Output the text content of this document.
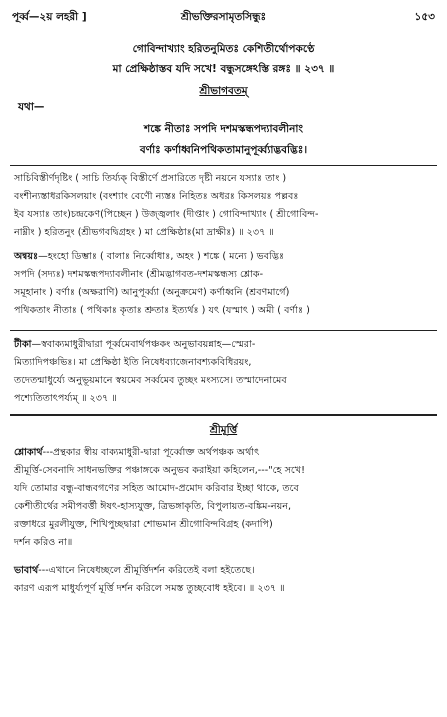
পূর্ব্ব—২য় লহরী ]	শ্রীভক্তিরসামৃতসিন্ধুঃ	১৫৩
গোবিন্দাখ্যাং হরিতনুমিতঃ কেশিতীর্থোপকণ্ঠে
মা প্রেক্ষিষ্ঠাস্তব যদি সখে! বন্ধুসঙ্গেঽস্তি রঙ্গঃ ॥ ২৩৭ ॥
শ্রীভাগবতম্
যথা—
শঙ্কে নীতাঃ সপদি দশমস্কন্ধপদ্যাবলীনাং
বর্ণাঃ কর্ণাধ্বনিপথিকতামানুপূর্ব্ব্যাদ্ভবদ্ভিঃ।
সাচিবিস্তীর্ণদৃষ্টিং ( সাচি তির্য্যক্ বিস্তীর্ণে প্রসারিতে দৃষ্টী নয়নে যস্যাঃ তাং )
বংশীন্যস্তাধরকিসলয়াং (বংশ্যাং বেণৌ ন্যস্তঃ নিহিতঃ অধরঃ কিসলয়ঃ পল্লবঃ
ইব যস্যাঃ তাং)চন্দ্রকেণ(পিচ্ছেন ) উজ্জ্বলাং (দীপ্তাং ) গোবিন্দাখ্যাং ( শ্রীগোবিন্দ-
নাম্নীং ) হরিতনুং (শ্রীভগবদ্বিগ্রহং ) মা প্রেক্ষিষ্ঠাঃ(মা দ্রাক্ষীঃ) ॥ ২৩৭ ॥
অন্বয়ঃ—হংহো ডিম্ভাঃ ( বালাঃ নির্ব্বোধাঃ, অহং ) শঙ্কে ( মন্যে ) ভবদ্ভিঃ
সপদি (সদ্যঃ) দশমস্কন্ধপদ্যাবলীনাং (শ্রীমদ্ভাগবত-দশমস্কন্ধস্য শ্লোক-
সমূহানাং ) বর্ণাঃ (অক্ষরাণি) আনুপূর্ব্ব্যা (অনুক্রমেণ) কর্ণাধ্বনি (শ্রবণমার্গে)
পথিকতাং নীতাঃ ( পথিকাঃ কৃতাঃ শ্রুতাঃ ইত্যর্থঃ ) যৎ (যস্মাৎ ) অমী ( বর্ণাঃ )
টীকা—স্ববাক্যমাধুরীদ্বারা পূর্ব্বমেবার্থপঞ্চকং অনুভাবয়ন্নাহ—স্মেরা-
মিত্যাদিপঞ্চভিঃ। মা প্রেক্ষিষ্ঠা ইতি নিষেধব্যাজেনাবশ্যকবিধিরয়ং,
তদেতন্মাধুর্য্যে অনুভূয়মানে স্বয়মেব সর্ব্বমেব তুচ্ছং মংস্যসে। তস্মাদেনামেব
পশ্যেতিতাৎপর্য্যম্ ॥ ২৩৭ ॥
শ্রীমূর্ত্তি
শ্লোকার্থ---প্রন্থকার স্বীয় বাক্যমাধুরী-দ্বারা পূর্ব্বোক্ত অর্থপঞ্চক অর্থাৎ
শ্রীমূর্ত্তি-সেবনাদি সাধনভক্তির পঞ্চাঙ্গকে অনুভব করাইয়া কহিলেন,---"হে সখে!
যদি তোমার বন্ধু-বান্ধবগণের সহিত আমোদ-প্রমোদ করিবার ইচ্ছা থাকে, তবে
কেশীতীর্থের সমীপবর্ত্তী ঈষৎ-হাস্যযুক্ত, ত্রিভঙ্গাকৃতি, বিপুলায়ত-বঙ্কিম-নয়ন,
রক্তাধরে মুরলীযুক্ত, শিখিপুচ্ছদ্বারা শোভমান শ্রীগোবিন্দবিগ্রহ (কদাপি)
দর্শন করিও না॥
ভাবার্থ---এখানে নিষেধচ্ছলে শ্রীমূর্ত্তিদর্শন করিতেই বলা হইতেছে।
কারণ এরূপ মাধুর্য্যপূর্ণ মূর্ত্তি দর্শন করিলে সমস্ত তুচ্ছবোধ হইবে। ॥ ২৩৭ ॥
